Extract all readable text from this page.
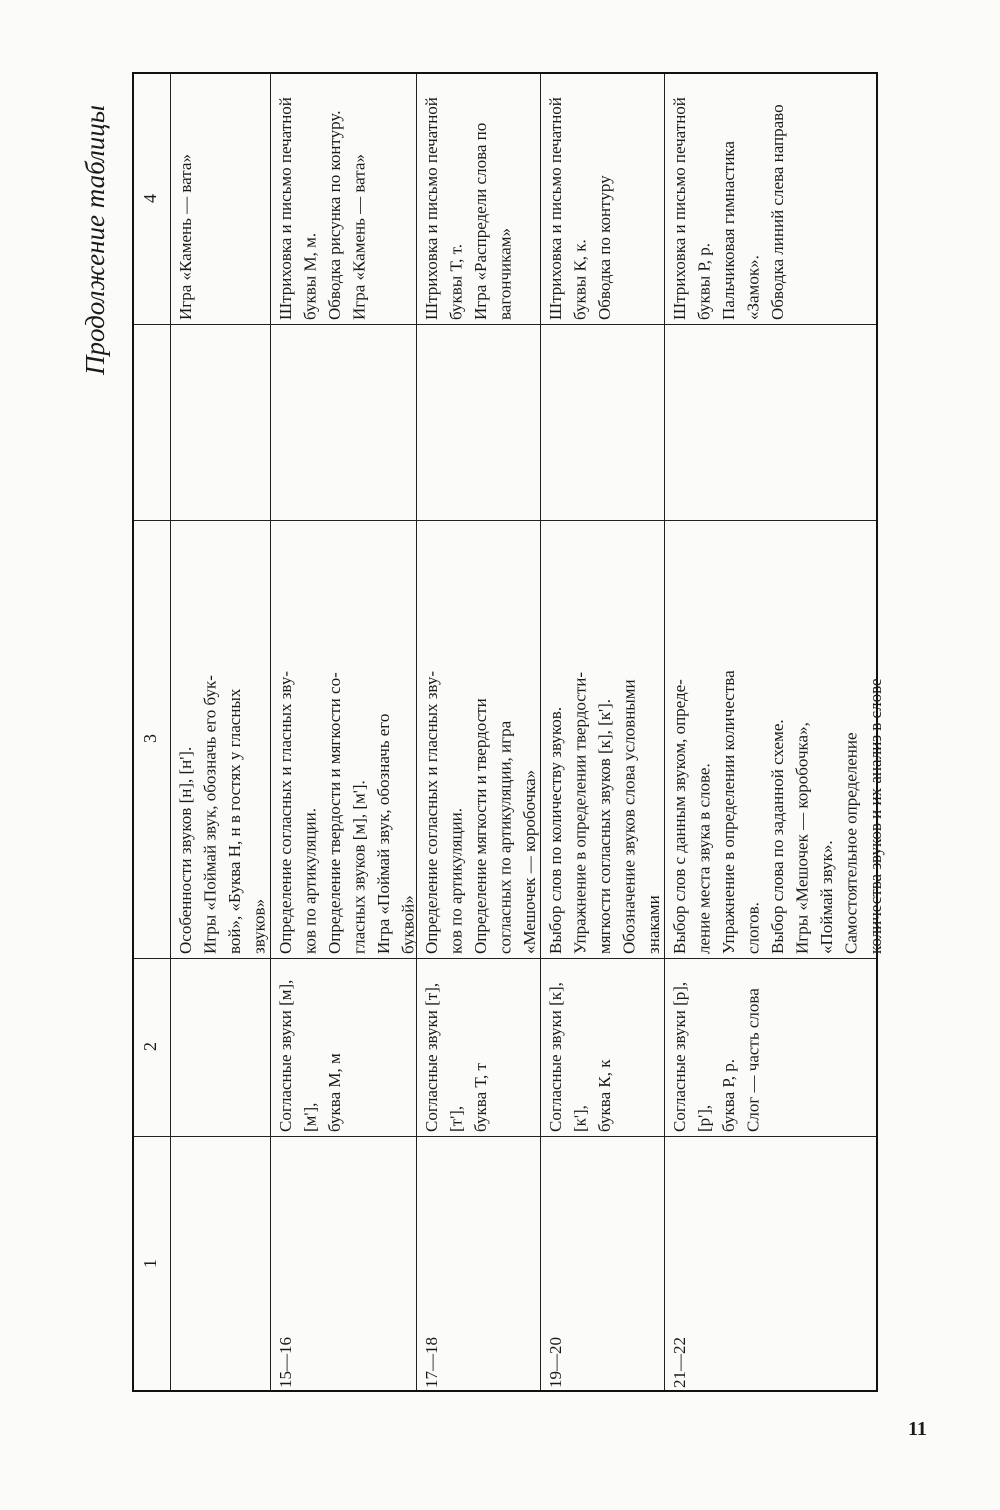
Продолжение таблицы
1
2
3
4
Особенности звуков [н], [н'].
Игры «Поймай звук, обозначь его бук-
вой», «Буква Н, н в гостях у гласных
звуков»
Игра «Камень — вата»
15—16
Согласные звуки [м], [м'],
буква М, м
Определение согласных и гласных зву-
ков по артикуляции.
Определение твердости и мягкости со-
гласных звуков [м], [м'].
Игра «Поймай звук, обозначь его
буквой»
Штриховка и письмо печатной буквы М, м.
Обводка рисунка по контуру.
Игра «Камень — вата»
17—18
Согласные звуки [т], [т'],
буква Т, т
Определение согласных и гласных зву-
ков по артикуляции.
Определение мягкости и твердости
согласных по артикуляции, игра
«Мешочек — коробочка»
Штриховка и письмо печатной буквы Т, т.
Игра «Распредели слова по вагончикам»
19—20
Согласные звуки [к], [к'],
буква К, к
Выбор слов по количеству звуков.
Упражнение в определении твердости-
мягкости согласных звуков [к], [к'].
Обозначение звуков слова условными
знаками
Штриховка и письмо печатной буквы К, к.
Обводка по контуру
21—22
Согласные звуки [р], [р'],
буква Р, р.
Слог — часть слова
Выбор слов с данным звуком, опреде-
ление места звука в слове.
Упражнение в определении количества
слогов.
Выбор слова по заданной схеме.
Игры «Мешочек — коробочка»,
«Поймай звук».
Самостоятельное определение
количества звуков и их анализ в слове
Штриховка и письмо печатной буквы Р, р.
Пальчиковая гимнастика «Замок».
Обводка линий слева направо
11
